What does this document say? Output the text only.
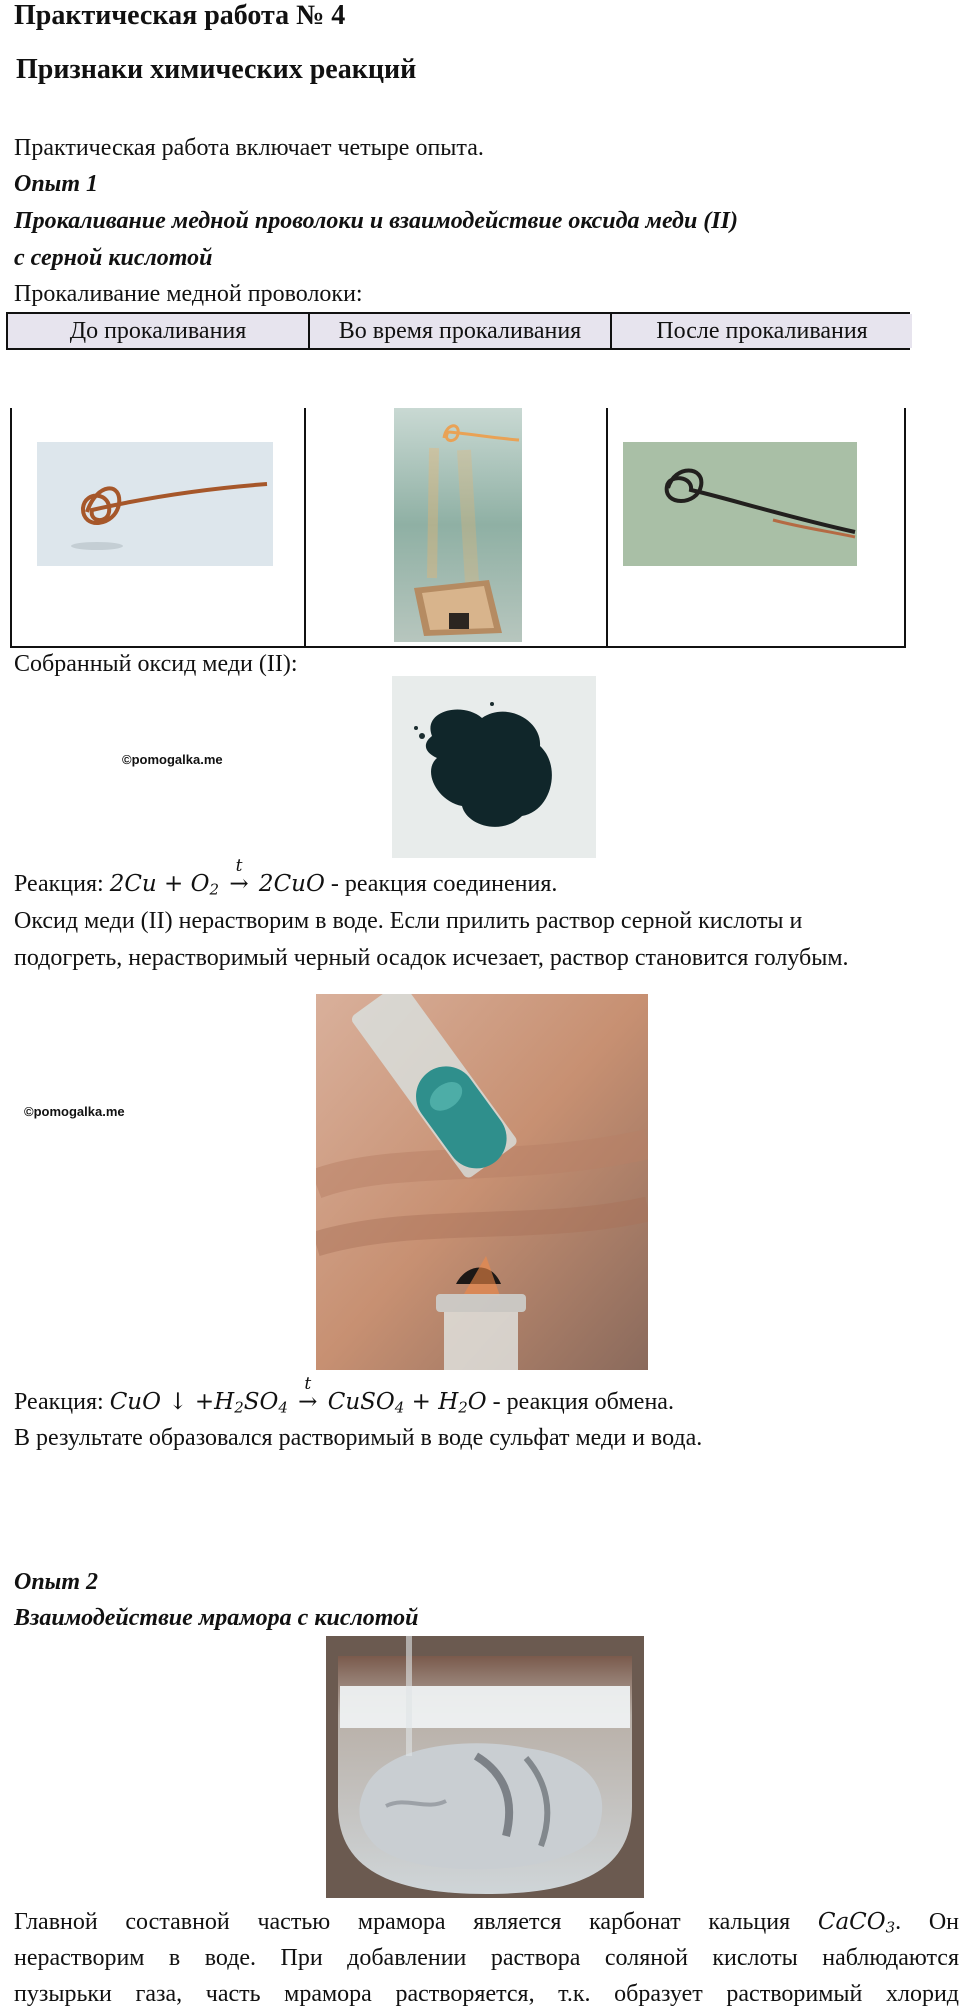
Практическая работа № 4
Признаки химических реакций
Практическая работа включает четыре опыта.
Опыт 1
Прокаливание медной проволоки и взаимодействие оксида меди (II)
с серной кислотой
Прокаливание медной проволоки:
До прокаливания	Во время прокаливания	После прокаливания
Собранный оксид меди (II):
©pomogalka.me
Реакция: $2Cu + O_2$ →
t
2CuO - реакция соединения.
Оксид меди (II) нерастворим в воде. Если прилить раствор серной кислоты и
подогреть, нерастворимый черный осадок исчезает, раствор становится голубым.
©pomogalka.me
Реакция: CuO ↓ $+H_2SO_4$ →
t
CuSO$_4$ + $H_2O$ - реакция обмена.
В результате образовался растворимый в воде сульфат меди и вода.
Опыт 2
Взаимодействие мрамора с кислотой
Главной составной частью мрамора является карбонат кальция CaCO$_3$. Он
нерастворим в воде. При добавлении раствора соляной кислоты наблюдаются
пузырьки газа, часть мрамора растворяется, т.к. образует растворимый хлорид
